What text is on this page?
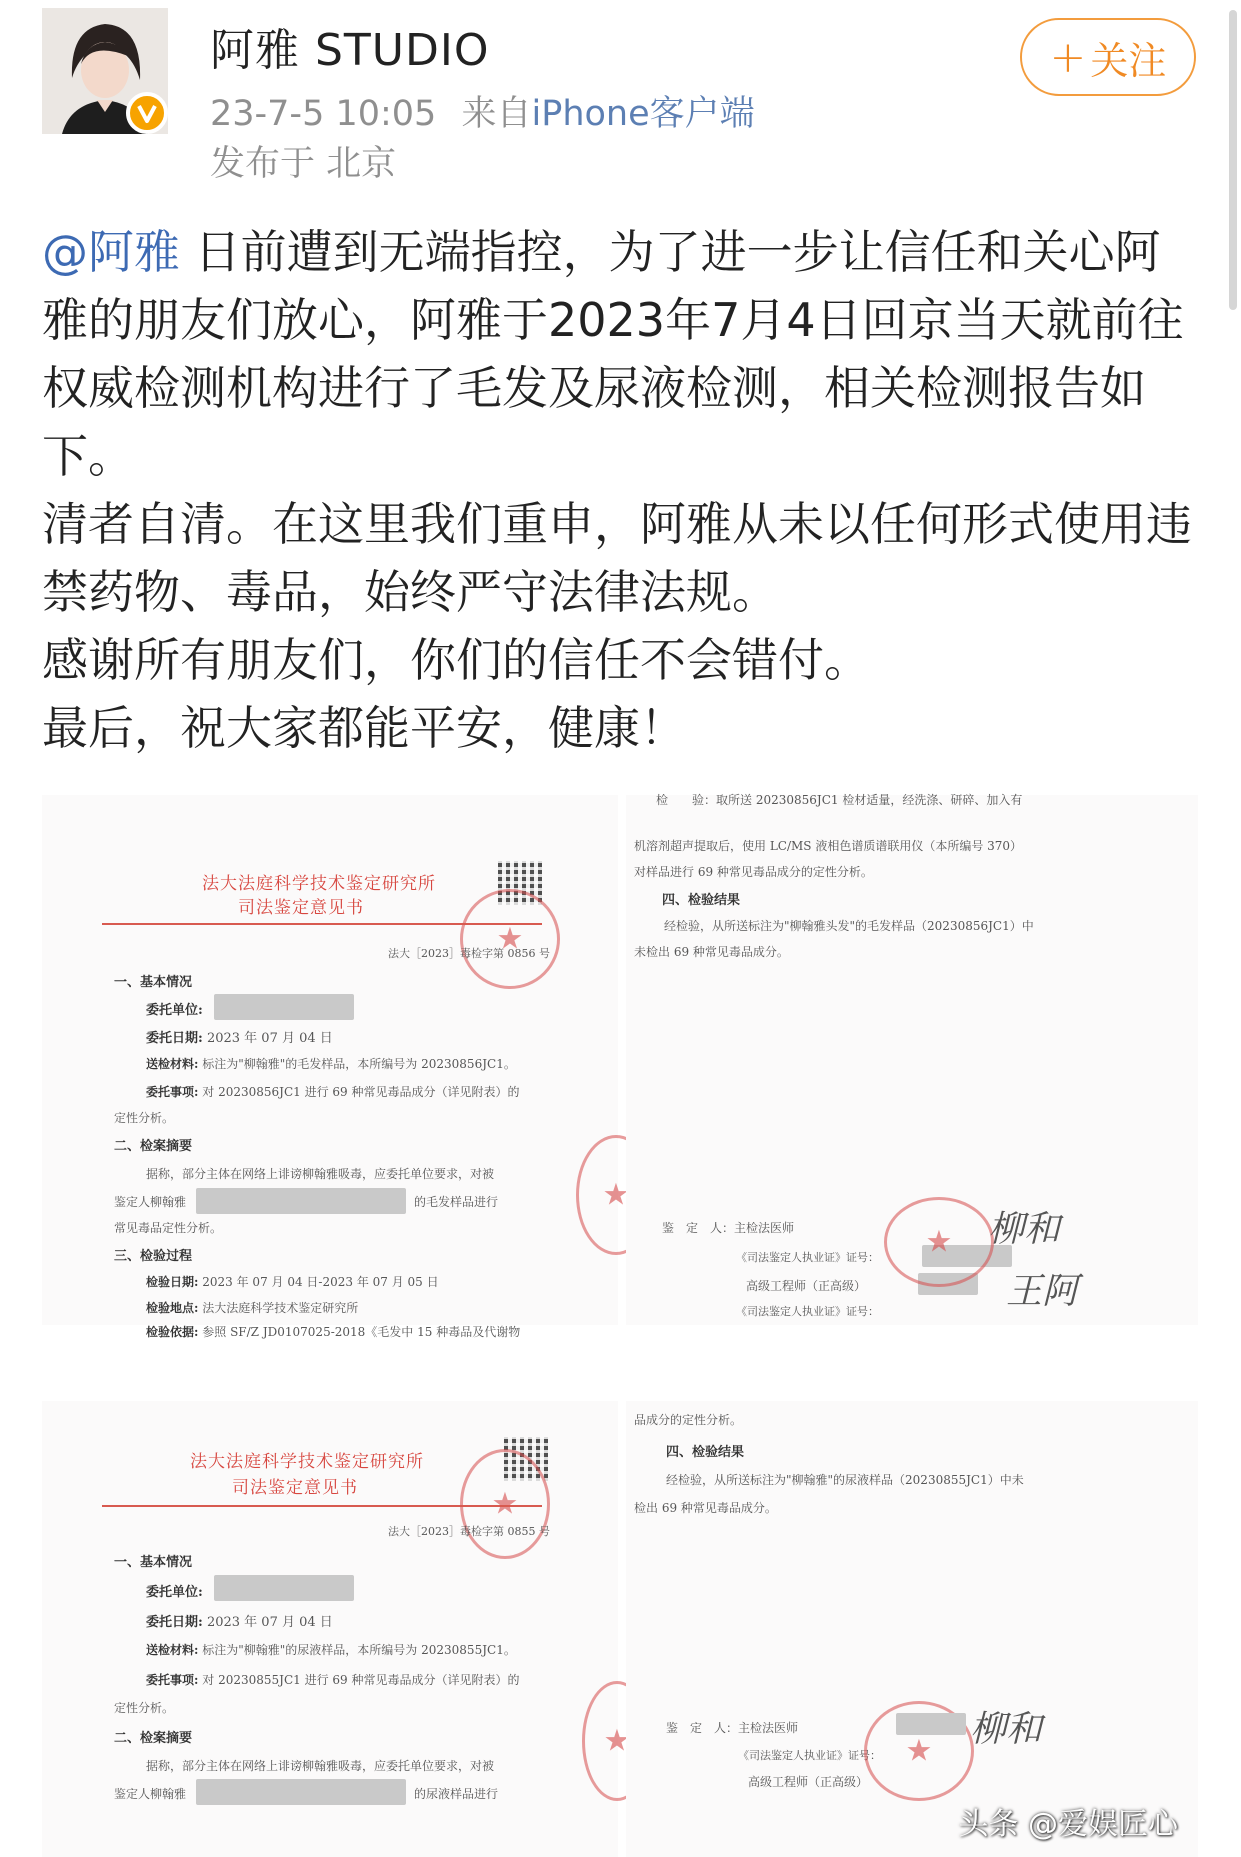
阿雅 STUDIO
23-7-5 10:05 来自iPhone客户端
发布于 北京
+ 关注

@阿雅 日前遭到无端指控，为了进一步让信任和关心阿雅的朋友们放心，阿雅于2023年7月4日回京当天就前往权威检测机构进行了毛发及尿液检测，相关检测报告如下。

清者自清。在这里我们重申，阿雅从未以任何形式使用违禁药物、毒品，始终严守法律法规。

感谢所有朋友们，你们的信任不会错付。

最后，祝大家都能平安，健康！

法大法庭科学技术鉴定研究所
司法鉴定意见书
★
法大［2023］毒检字第 0856 号
一、基本情况
委托单位:
委托日期: 2023 年 07 月 04 日
送检材料: 标注为"柳翰雅"的毛发样品，本所编号为 20230856JC1。
委托事项: 对 20230856JC1 进行 69 种常见毒品成分（详见附表）的
定性分析。
二、检案摘要
据称，部分主体在网络上诽谤柳翰雅吸毒，应委托单位要求，对被
鉴定人柳翰雅	的毛发样品进行
常见毒品定性分析。
三、检验过程
检验日期: 2023 年 07 月 04 日-2023 年 07 月 05 日
检验地点: 法大法庭科学技术鉴定研究所
检验依据: 参照 SF/Z JD0107025-2018《毛发中 15 种毒品及代谢物
★
检　　验：取所送 20230856JC1 检材适量，经洗涤、研碎、加入有
机溶剂超声提取后，使用 LC/MS 液相色谱质谱联用仪（本所编号 370）
对样品进行 69 种常见毒品成分的定性分析。
四、检验结果
经检验，从所送标注为"柳翰雅头发"的毛发样品（20230856JC1）中
未检出 69 种常见毒品成分。
鉴　定　人：主检法医师
《司法鉴定人执业证》证号：
高级工程师（正高级）
《司法鉴定人执业证》证号：
★
柳和
王阿
法大法庭科学技术鉴定研究所
司法鉴定意见书
★
法大［2023］毒检字第 0855 号
一、基本情况
委托单位:
委托日期: 2023 年 07 月 04 日
送检材料: 标注为"柳翰雅"的尿液样品，本所编号为 20230855JC1。
委托事项: 对 20230855JC1 进行 69 种常见毒品成分（详见附表）的
定性分析。
二、检案摘要
据称，部分主体在网络上诽谤柳翰雅吸毒，应委托单位要求，对被
鉴定人柳翰雅	的尿液样品进行
★
品成分的定性分析。
四、检验结果
经检验，从所送标注为"柳翰雅"的尿液样品（20230855JC1）中未
检出 69 种常见毒品成分。
鉴　定　人：主检法医师
《司法鉴定人执业证》证号：
高级工程师（正高级）
★
柳和
头条 @爱娱匠心
